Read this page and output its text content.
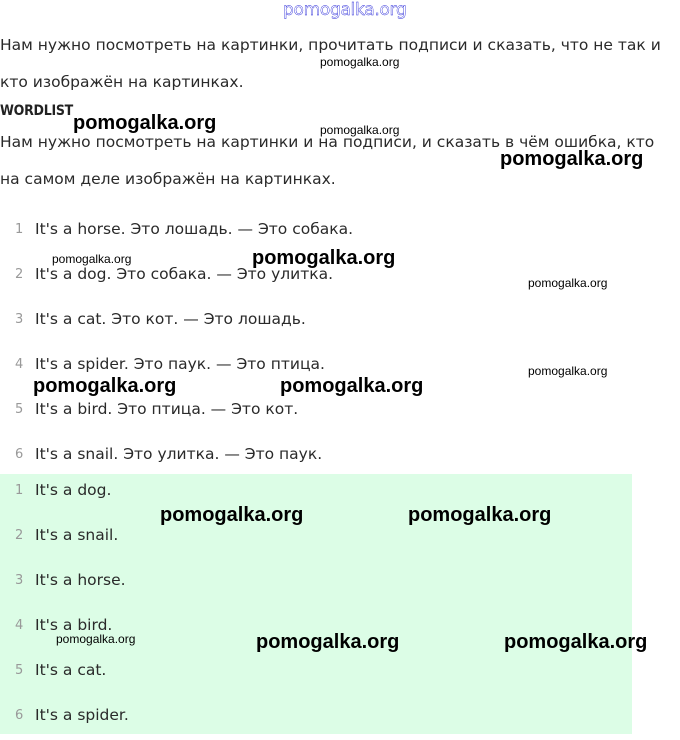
pomogalka.org
Нам нужно посмотреть на картинки, прочитать подписи и сказать, что не так и
кто изображён на картинках.
WORDLIST
Нам нужно посмотреть на картинки и на подписи, и сказать в чём ошибка, кто
на самом деле изображён на картинках.
1 It's a horse. Это лошадь. — Это собака.
2 It's a dog. Это собака. — Это улитка.
3 It's a cat. Это кот. — Это лошадь.
4 It's a spider. Это паук. — Это птица.
5 It's a bird. Это птица. — Это кот.
6 It's a snail. Это улитка. — Это паук.
1 It's a dog.
2 It's a snail.
3 It's a horse.
4 It's a bird.
5 It's a cat.
6 It's a spider.
pomogalka.org
pomogalka.org	pomogalka.org
pomogalka.org
pomogalka.org	pomogalka.org
pomogalka.org
pomogalka.org
pomogalka.org	pomogalka.org
pomogalka.org	pomogalka.org
pomogalka.org	pomogalka.org	pomogalka.org
